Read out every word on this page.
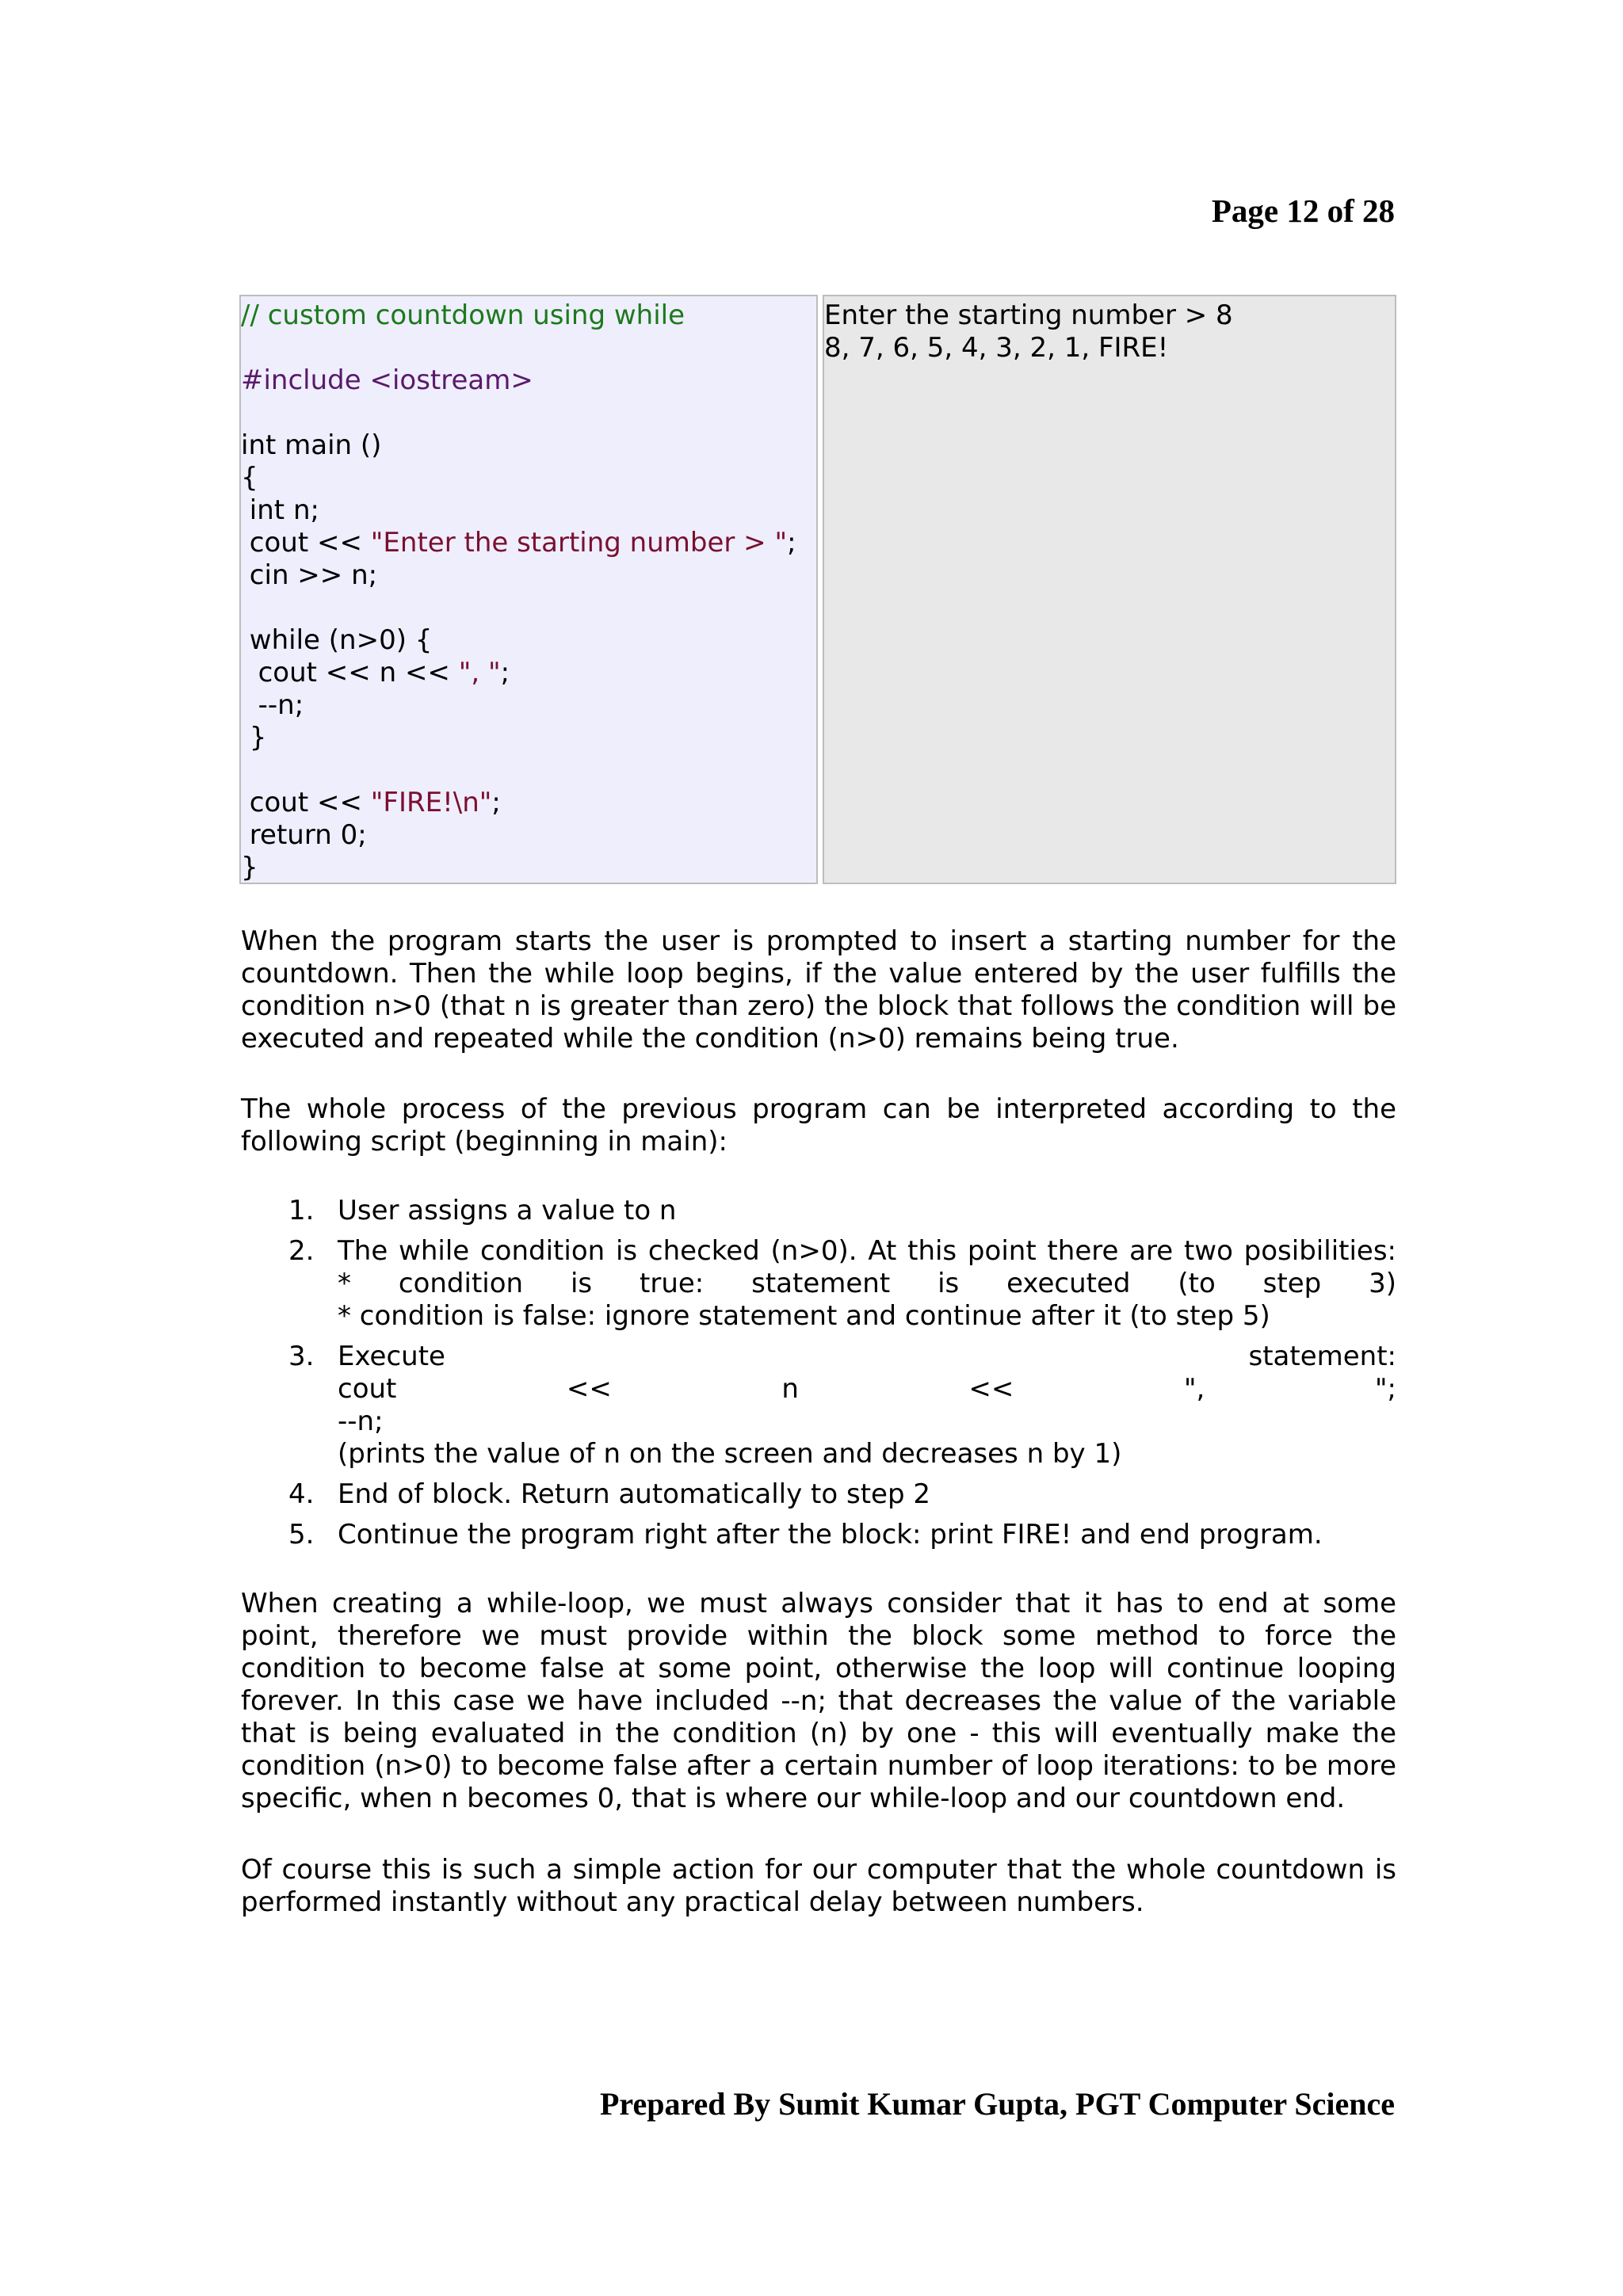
Page 12 of 28
// custom countdown using while

#include <iostream>

int main ()
{
int n;
cout << "Enter the starting number > ";
cin >> n;

while (n>0) {
cout << n << ", ";
--n;
}

cout << "FIRE!\n";
return 0;
}
Enter the starting number > 8
8, 7, 6, 5, 4, 3, 2, 1, FIRE!

When the program starts the user is prompted to insert a starting number for the countdown. Then the while loop begins, if the value entered by the user fulfills the condition n>0 (that n is greater than zero) the block that follows the condition will be executed and repeated while the condition (n>0) remains being true.

The whole process of the previous program can be interpreted according to the following script (beginning in main):

1. User assigns a value to n
2. The while condition is checked (n>0). At this point there are two posibilities:
* condition is true: statement is executed (to step 3)
* condition is false: ignore statement and continue after it (to step 5)
3. Execute	statement:
cout	<<	n	<<	",	";
--n;
(prints the value of n on the screen and decreases n by 1)
4. End of block. Return automatically to step 2
5. Continue the program right after the block: print FIRE! and end program.

When creating a while-loop, we must always consider that it has to end at some point, therefore we must provide within the block some method to force the condition to become false at some point, otherwise the loop will continue looping forever. In this case we have included --n; that decreases the value of the variable that is being evaluated in the condition (n) by one - this will eventually make the condition (n>0) to become false after a certain number of loop iterations: to be more specific, when n becomes 0, that is where our while-loop and our countdown end.

Of course this is such a simple action for our computer that the whole countdown is performed instantly without any practical delay between numbers.

Prepared By Sumit Kumar Gupta, PGT Computer Science
